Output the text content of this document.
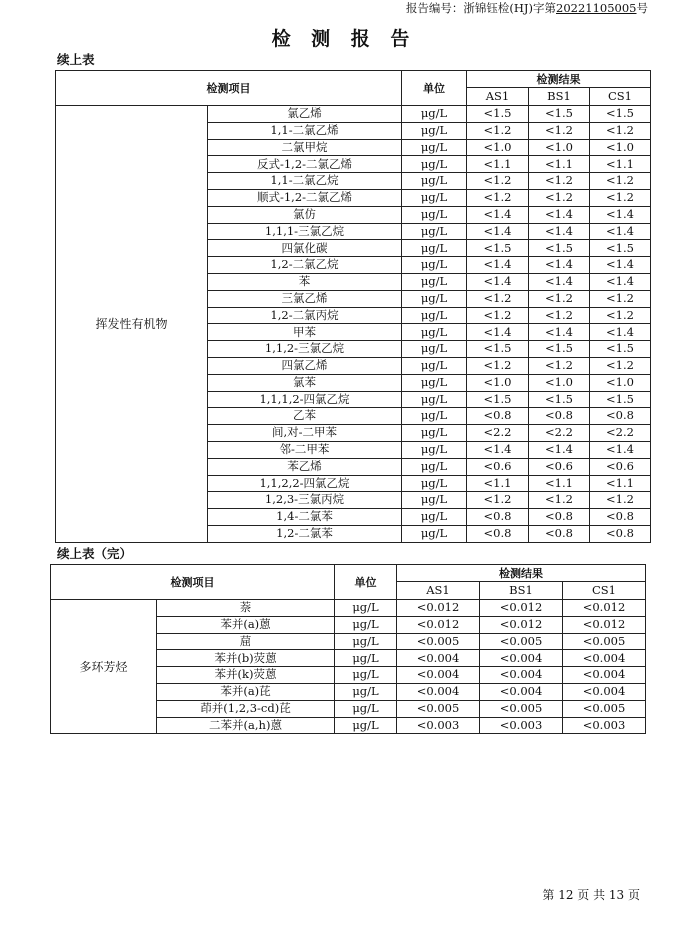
报告编号：浙锦钰检(HJ)字第20221105005号
检 测 报 告
续上表
检测项目		单位	检测结果		
			AS1	BS1	CS1
挥发性有机物	氯乙烯	μg/L	<1.5	<1.5	<1.5
	1,1-二氯乙烯	μg/L	<1.2	<1.2	<1.2
	二氯甲烷	μg/L	<1.0	<1.0	<1.0
	反式-1,2-二氯乙烯	μg/L	<1.1	<1.1	<1.1
	1,1-二氯乙烷	μg/L	<1.2	<1.2	<1.2
	顺式-1,2-二氯乙烯	μg/L	<1.2	<1.2	<1.2
	氯仿	μg/L	<1.4	<1.4	<1.4
	1,1,1-三氯乙烷	μg/L	<1.4	<1.4	<1.4
	四氯化碳	μg/L	<1.5	<1.5	<1.5
	1,2-二氯乙烷	μg/L	<1.4	<1.4	<1.4
	苯	μg/L	<1.4	<1.4	<1.4
	三氯乙烯	μg/L	<1.2	<1.2	<1.2
	1,2-二氯丙烷	μg/L	<1.2	<1.2	<1.2
	甲苯	μg/L	<1.4	<1.4	<1.4
	1,1,2-三氯乙烷	μg/L	<1.5	<1.5	<1.5
	四氯乙烯	μg/L	<1.2	<1.2	<1.2
	氯苯	μg/L	<1.0	<1.0	<1.0
	1,1,1,2-四氯乙烷	μg/L	<1.5	<1.5	<1.5
	乙苯	μg/L	<0.8	<0.8	<0.8
	间,对-二甲苯	μg/L	<2.2	<2.2	<2.2
	邻-二甲苯	μg/L	<1.4	<1.4	<1.4
	苯乙烯	μg/L	<0.6	<0.6	<0.6
	1,1,2,2-四氯乙烷	μg/L	<1.1	<1.1	<1.1
	1,2,3-三氯丙烷	μg/L	<1.2	<1.2	<1.2
	1,4-二氯苯	μg/L	<0.8	<0.8	<0.8
	1,2-二氯苯	μg/L	<0.8	<0.8	<0.8
续上表（完）
检测项目		单位	检测结果		
			AS1	BS1	CS1
多环芳烃	萘	μg/L	<0.012	<0.012	<0.012
	苯并(a)蒽	μg/L	<0.012	<0.012	<0.012
	䓛	μg/L	<0.005	<0.005	<0.005
	苯并(b)荧蒽	μg/L	<0.004	<0.004	<0.004
	苯并(k)荧蒽	μg/L	<0.004	<0.004	<0.004
	苯并(a)芘	μg/L	<0.004	<0.004	<0.004
	茚并(1,2,3-cd)芘	μg/L	<0.005	<0.005	<0.005
	二苯并(a,h)蒽	μg/L	<0.003	<0.003	<0.003
第 12 页 共 13 页
